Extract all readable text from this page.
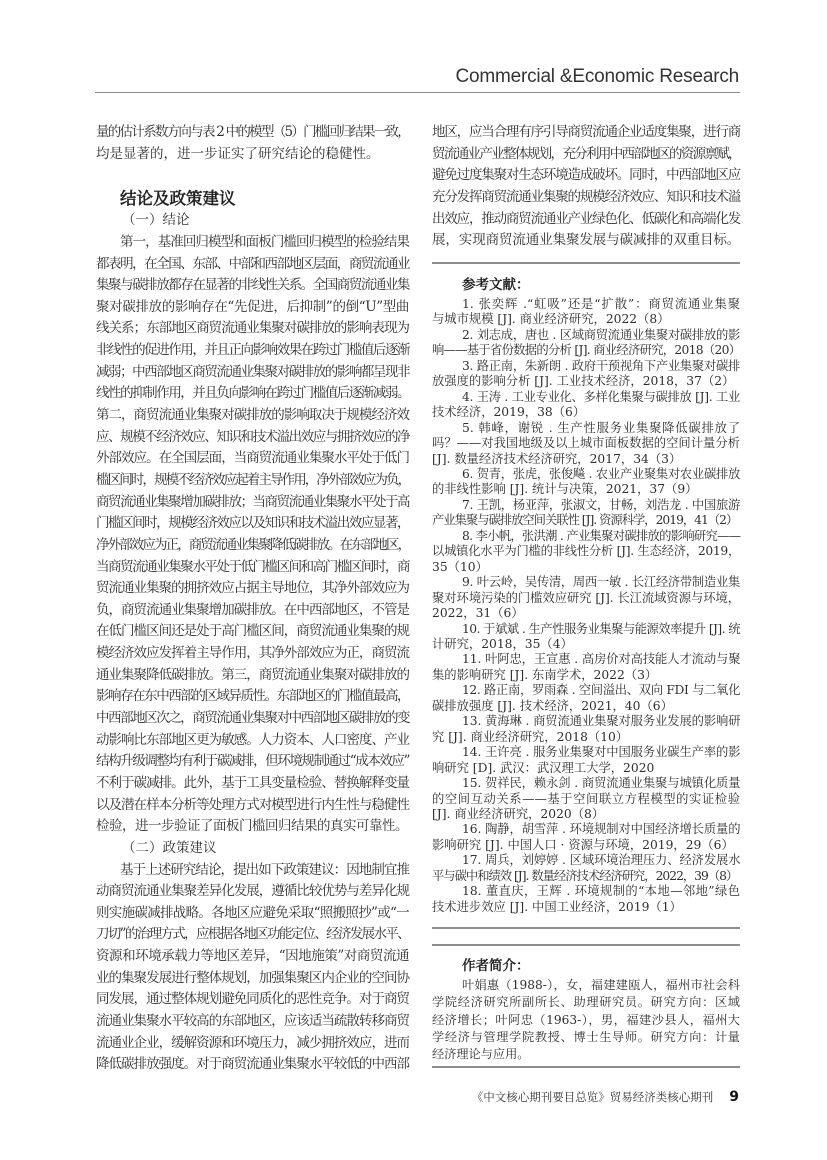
Commercial &Economic Research
量的估计系数方向与表 2 中的模型（5）门槛回归结果一致，
均是显著的，进一步证实了研究结论的稳健性。
结论及政策建议
（一）结论
第一，基准回归模型和面板门槛回归模型的检验结果
都表明，在全国、东部、中部和西部地区层面，商贸流通业
集聚与碳排放都存在显著的非线性关系。全国商贸流通业集
聚对碳排放的影响存在“先促进，后抑制”的倒“U”型曲
线关系；东部地区商贸流通业集聚对碳排放的影响表现为
非线性的促进作用，并且正向影响效果在跨过门槛值后逐渐
减弱；中西部地区商贸流通业集聚对碳排放的影响都呈现非
线性的抑制作用，并且负向影响在跨过门槛值后逐渐减弱。
第二，商贸流通业集聚对碳排放的影响取决于规模经济效
应、规模不经济效应、知识和技术溢出效应与拥挤效应的净
外部效应。在全国层面，当商贸流通业集聚水平处于低门
槛区间时，规模不经济效应起着主导作用，净外部效应为负，
商贸流通业集聚增加碳排放；当商贸流通业集聚水平处于高
门槛区间时，规模经济效应以及知识和技术溢出效应显著，
净外部效应为正，商贸流通业集聚降低碳排放。在东部地区，
当商贸流通业集聚水平处于低门槛区间和高门槛区间时，商
贸流通业集聚的拥挤效应占据主导地位，其净外部效应为
负，商贸流通业集聚增加碳排放。在中西部地区，不管是
在低门槛区间还是处于高门槛区间，商贸流通业集聚的规
模经济效应发挥着主导作用，其净外部效应为正，商贸流
通业集聚降低碳排放。第三，商贸流通业集聚对碳排放的
影响存在东中西部的区域异质性。东部地区的门槛值最高，
中西部地区次之，商贸流通业集聚对中西部地区碳排放的变
动影响比东部地区更为敏感。人力资本、人口密度、产业
结构升级调整均有利于碳减排，但环境规制通过“成本效应”
不利于碳减排。此外，基于工具变量检验、替换解释变量
以及潜在样本分析等处理方式对模型进行内生性与稳健性
检验，进一步验证了面板门槛回归结果的真实可靠性。
（二）政策建议
基于上述研究结论，提出如下政策建议：因地制宜推
动商贸流通业集聚差异化发展，遵循比较优势与差异化规
则实施碳减排战略。各地区应避免采取“照搬照抄”或“一
刀切”的治理方式，应根据各地区功能定位、经济发展水平、
资源和环境承载力等地区差异，“因地施策”对商贸流通
业的集聚发展进行整体规划，加强集聚区内企业的空间协
同发展，通过整体规划避免同质化的恶性竞争。对于商贸
流通业集聚水平较高的东部地区，应该适当疏散转移商贸
流通业企业，缓解资源和环境压力，减少拥挤效应，进而
降低碳排放强度。对于商贸流通业集聚水平较低的中西部
地区，应当合理有序引导商贸流通企业适度集聚，进行商
贸流通业产业整体规划，充分利用中西部地区的资源禀赋，
避免过度集聚对生态环境造成破坏。同时，中西部地区应
充分发挥商贸流通业集聚的规模经济效应、知识和技术溢
出效应，推动商贸流通业产业绿色化、低碳化和高端化发
展，实现商贸流通业集聚发展与碳减排的双重目标。
参考文献：
1. 张奕辉 .“虹吸”还是“扩散”：商贸流通业集聚
与城市规模 [J]. 商业经济研究，2022（8）
2. 刘志成，唐也 . 区域商贸流通业集聚对碳排放的影
响——基于省份数据的分析 [J]. 商业经济研究，2018（20）
3. 路正南，朱新朗 . 政府干预视角下产业集聚对碳排
放强度的影响分析 [J]. 工业技术经济，2018，37（2）
4. 王涛 . 工业专业化、多样化集聚与碳排放 [J]. 工业
技术经济，2019，38（6）
5. 韩峰，谢锐 . 生产性服务业集聚降低碳排放了
吗？——对我国地级及以上城市面板数据的空间计量分析
[J]. 数量经济技术经济研究，2017，34（3）
6. 贺青，张虎，张俊飚 . 农业产业聚集对农业碳排放
的非线性影响 [J]. 统计与决策，2021，37（9）
7. 王凯，杨亚萍，张淑文，甘畅，刘浩龙 . 中国旅游
产业集聚与碳排放空间关联性 [J]. 资源科学，2019，41（2）
8. 李小帆，张洪潮 . 产业集聚对碳排放的影响研究——
以城镇化水平为门槛的非线性分析 [J]. 生态经济，2019，
35（10）
9. 叶云岭，吴传清，周西一敏 . 长江经济带制造业集
聚对环境污染的门槛效应研究 [J]. 长江流域资源与环境，
2022，31（6）
10. 于斌斌 . 生产性服务业集聚与能源效率提升 [J]. 统
计研究，2018，35（4）
11. 叶阿忠，王宣惠 . 高房价对高技能人才流动与聚
集的影响研究 [J]. 东南学术，2022（3）
12. 路正南，罗雨森 . 空间溢出、双向 FDI 与二氧化
碳排放强度 [J]. 技术经济，2021，40（6）
13. 黄海琳 . 商贸流通业集聚对服务业发展的影响研
究 [J]. 商业经济研究，2018（10）
14. 王许亮 . 服务业集聚对中国服务业碳生产率的影
响研究 [D]. 武汉：武汉理工大学，2020
15. 贺祥民，赖永剑 . 商贸流通业集聚与城镇化质量
的空间互动关系——基于空间联立方程模型的实证检验
[J]. 商业经济研究，2020（8）
16. 陶静，胡雪萍 . 环境规制对中国经济增长质量的
影响研究 [J]. 中国人口 · 资源与环境，2019，29（6）
17. 周兵，刘婷婷 . 区域环境治理压力、经济发展水
平与碳中和绩效 [J]. 数量经济技术经济研究，2022，39（8）
18. 董直庆，王辉 . 环境规制的“本地—邻地”绿色
技术进步效应 [J]. 中国工业经济，2019（1）
作者简介：
叶娟惠（1988-），女，福建建瓯人，福州市社会科
学院经济研究所副所长、助理研究员。研究方向：区域
经济增长；叶阿忠（1963-），男，福建沙县人，福州大
学经济与管理学院教授、博士生导师。研究方向：计量
经济理论与应用。
《中文核心期刊要目总览》贸易经济类核心期刊 9
